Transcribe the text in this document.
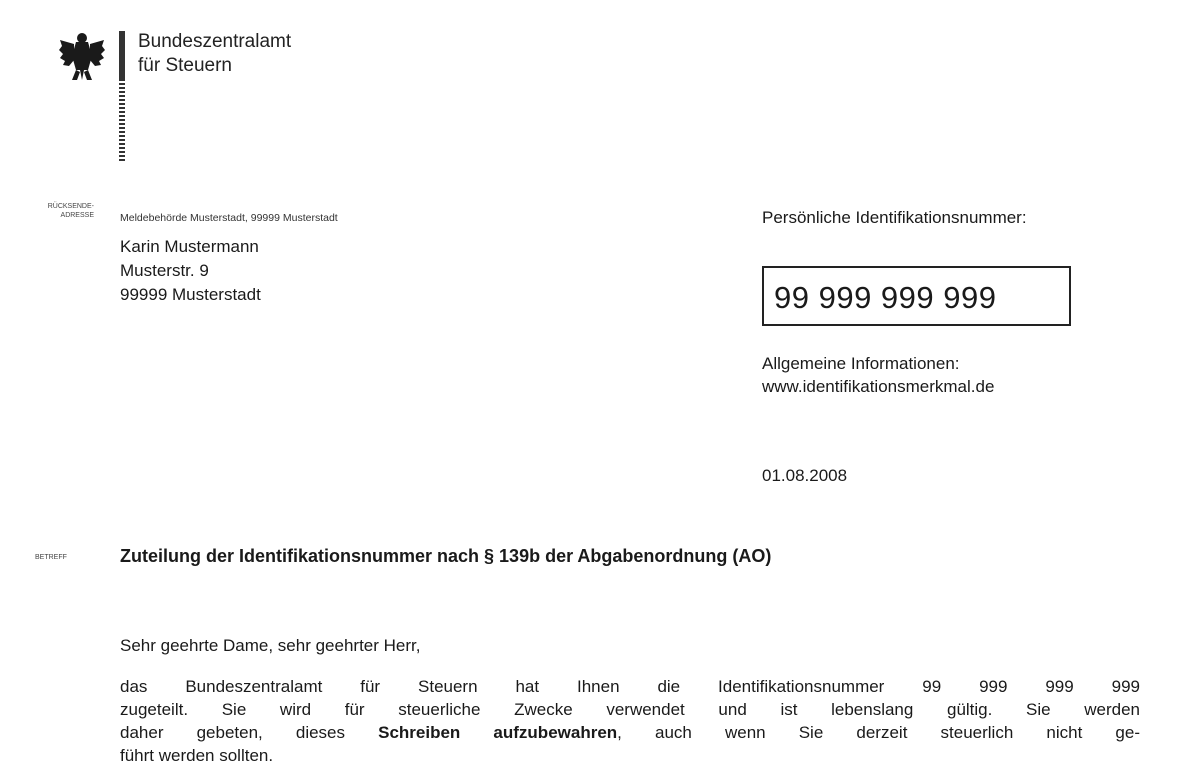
Bundeszentralamt
für Steuern
RÜCKSENDE-
ADRESSE Meldebehörde Musterstadt, 99999 Musterstadt
Karin Mustermann
Musterstr. 9
99999 Musterstadt
Persönliche Identifikationsnummer:
99 999 999 999
Allgemeine Informationen:
www.identifikationsmerkmal.de
01.08.2008
BETREFF	Zuteilung der Identifikationsnummer nach § 139b der Abgabenordnung (AO)
Sehr geehrte Dame, sehr geehrter Herr,
das Bundeszentralamt für Steuern hat Ihnen die Identifikationsnummer 99 999 999 999
zugeteilt. Sie wird für steuerliche Zwecke verwendet und ist lebenslang gültig. Sie werden
daher gebeten, dieses Schreiben aufzubewahren, auch wenn Sie derzeit steuerlich nicht ge-
führt werden sollten.
